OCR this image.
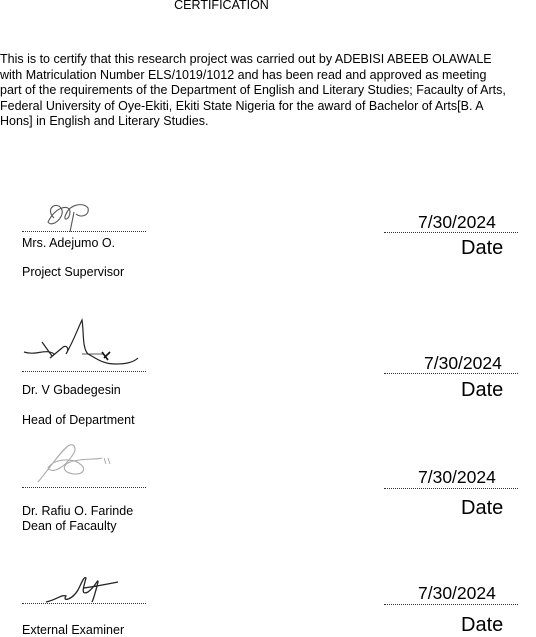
CERTIFICATION
This is to certify that this research project was carried out by ADEBISI ABEEB OLAWALE
with Matriculation Number ELS/1019/1012 and has been read and approved as meeting
part of the requirements of the Department of English and Literary Studies; Facaulty of Arts,
Federal University of Oye-Ekiti, Ekiti State Nigeria for the award of Bachelor of Arts[B. A
Hons] in English and Literary Studies.
7/30/2024
Mrs. Adejumo O.	Date
Project Supervisor
7/30/2024
Dr. V Gbadegesin	Date
Head of Department
7/30/2024
Date
Dr. Rafiu O. Farinde
Dean of Facaulty
7/30/2024
Date
External Examiner
